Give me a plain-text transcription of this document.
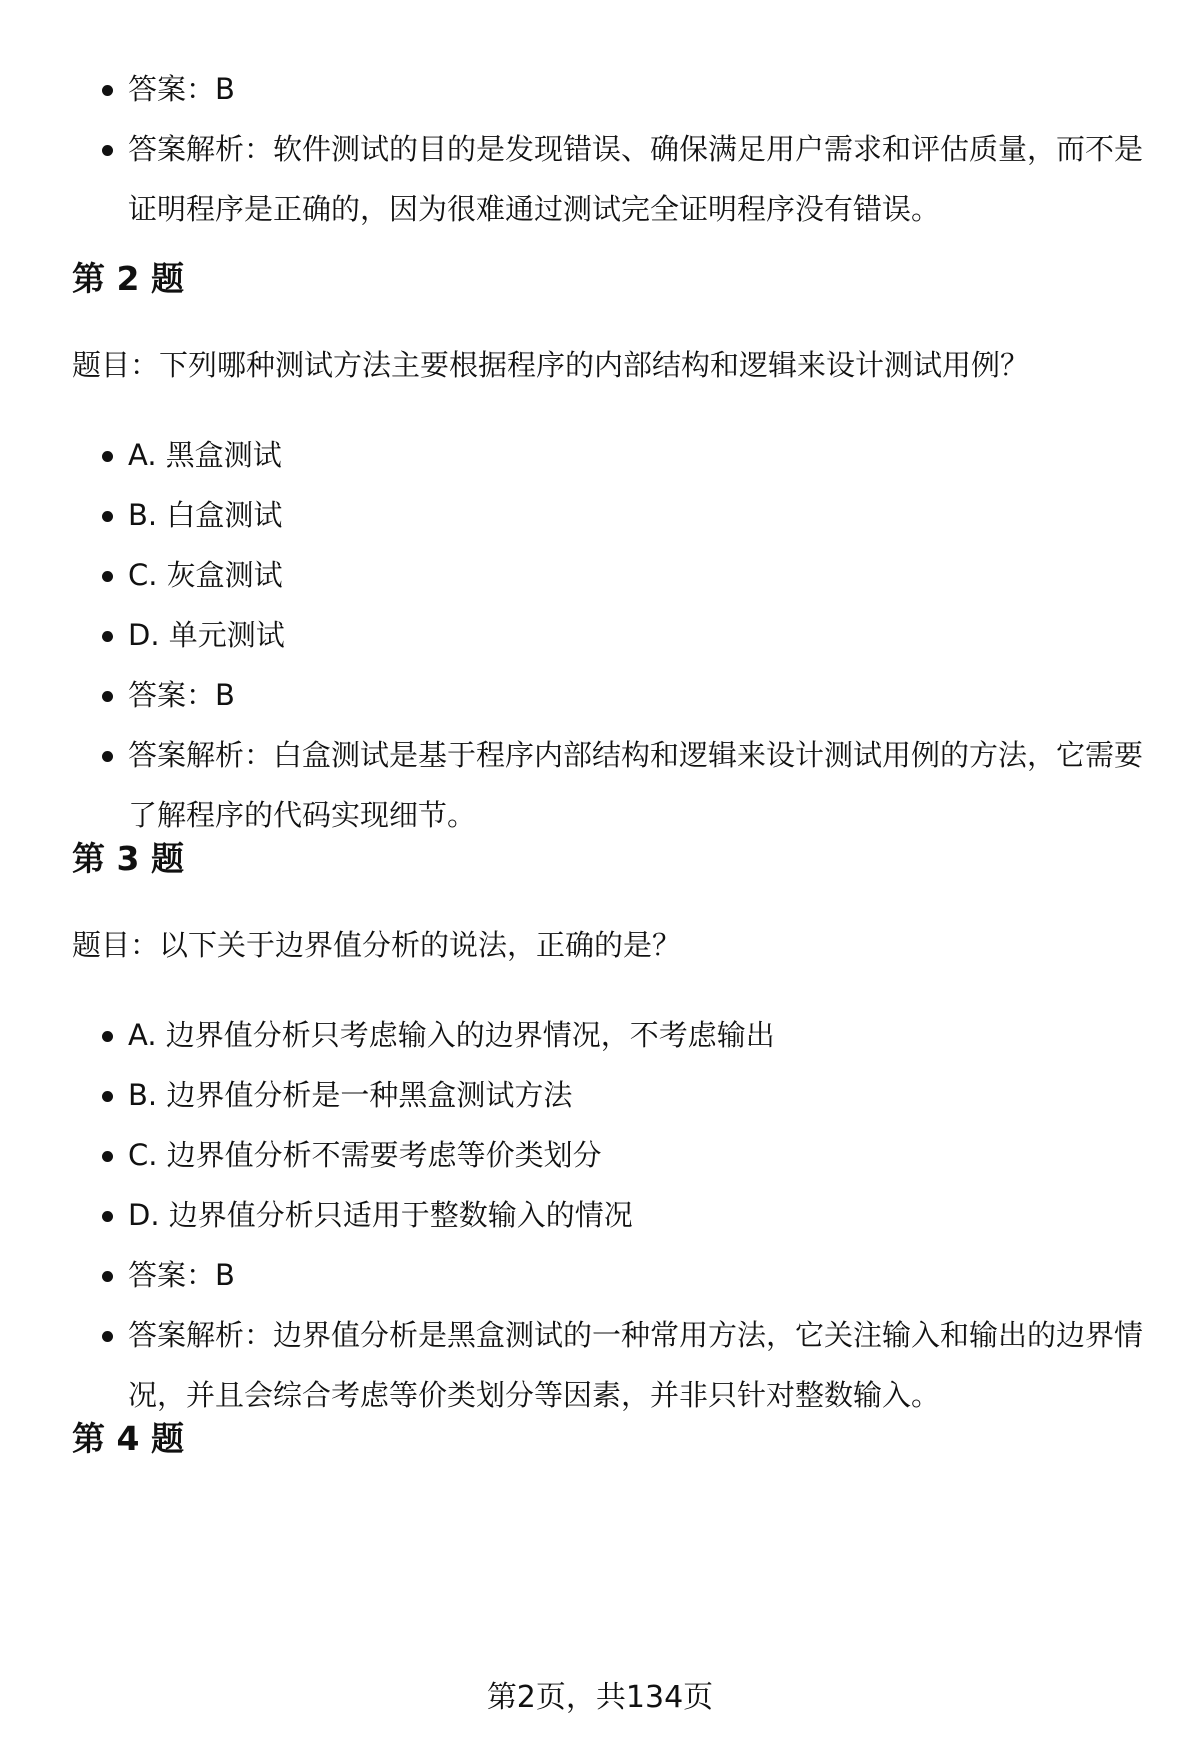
答案：B
答案解析：软件测试的目的是发现错误、确保满足用户需求和评估质量，而不是证明程序是正确的，因为很难通过测试完全证明程序没有错误。
第 2 题

题目：下列哪种测试方法主要根据程序的内部结构和逻辑来设计测试用例？

A. 黑盒测试
B. 白盒测试
C. 灰盒测试
D. 单元测试
答案：B
答案解析：白盒测试是基于程序内部结构和逻辑来设计测试用例的方法，它需要了解程序的代码实现细节。
第 3 题

题目：以下关于边界值分析的说法，正确的是？

A. 边界值分析只考虑输入的边界情况，不考虑输出
B. 边界值分析是一种黑盒测试方法
C. 边界值分析不需要考虑等价类划分
D. 边界值分析只适用于整数输入的情况
答案：B
答案解析：边界值分析是黑盒测试的一种常用方法，它关注输入和输出的边界情况，并且会综合考虑等价类划分等因素，并非只针对整数输入。
第 4 题
第2页，共134页
